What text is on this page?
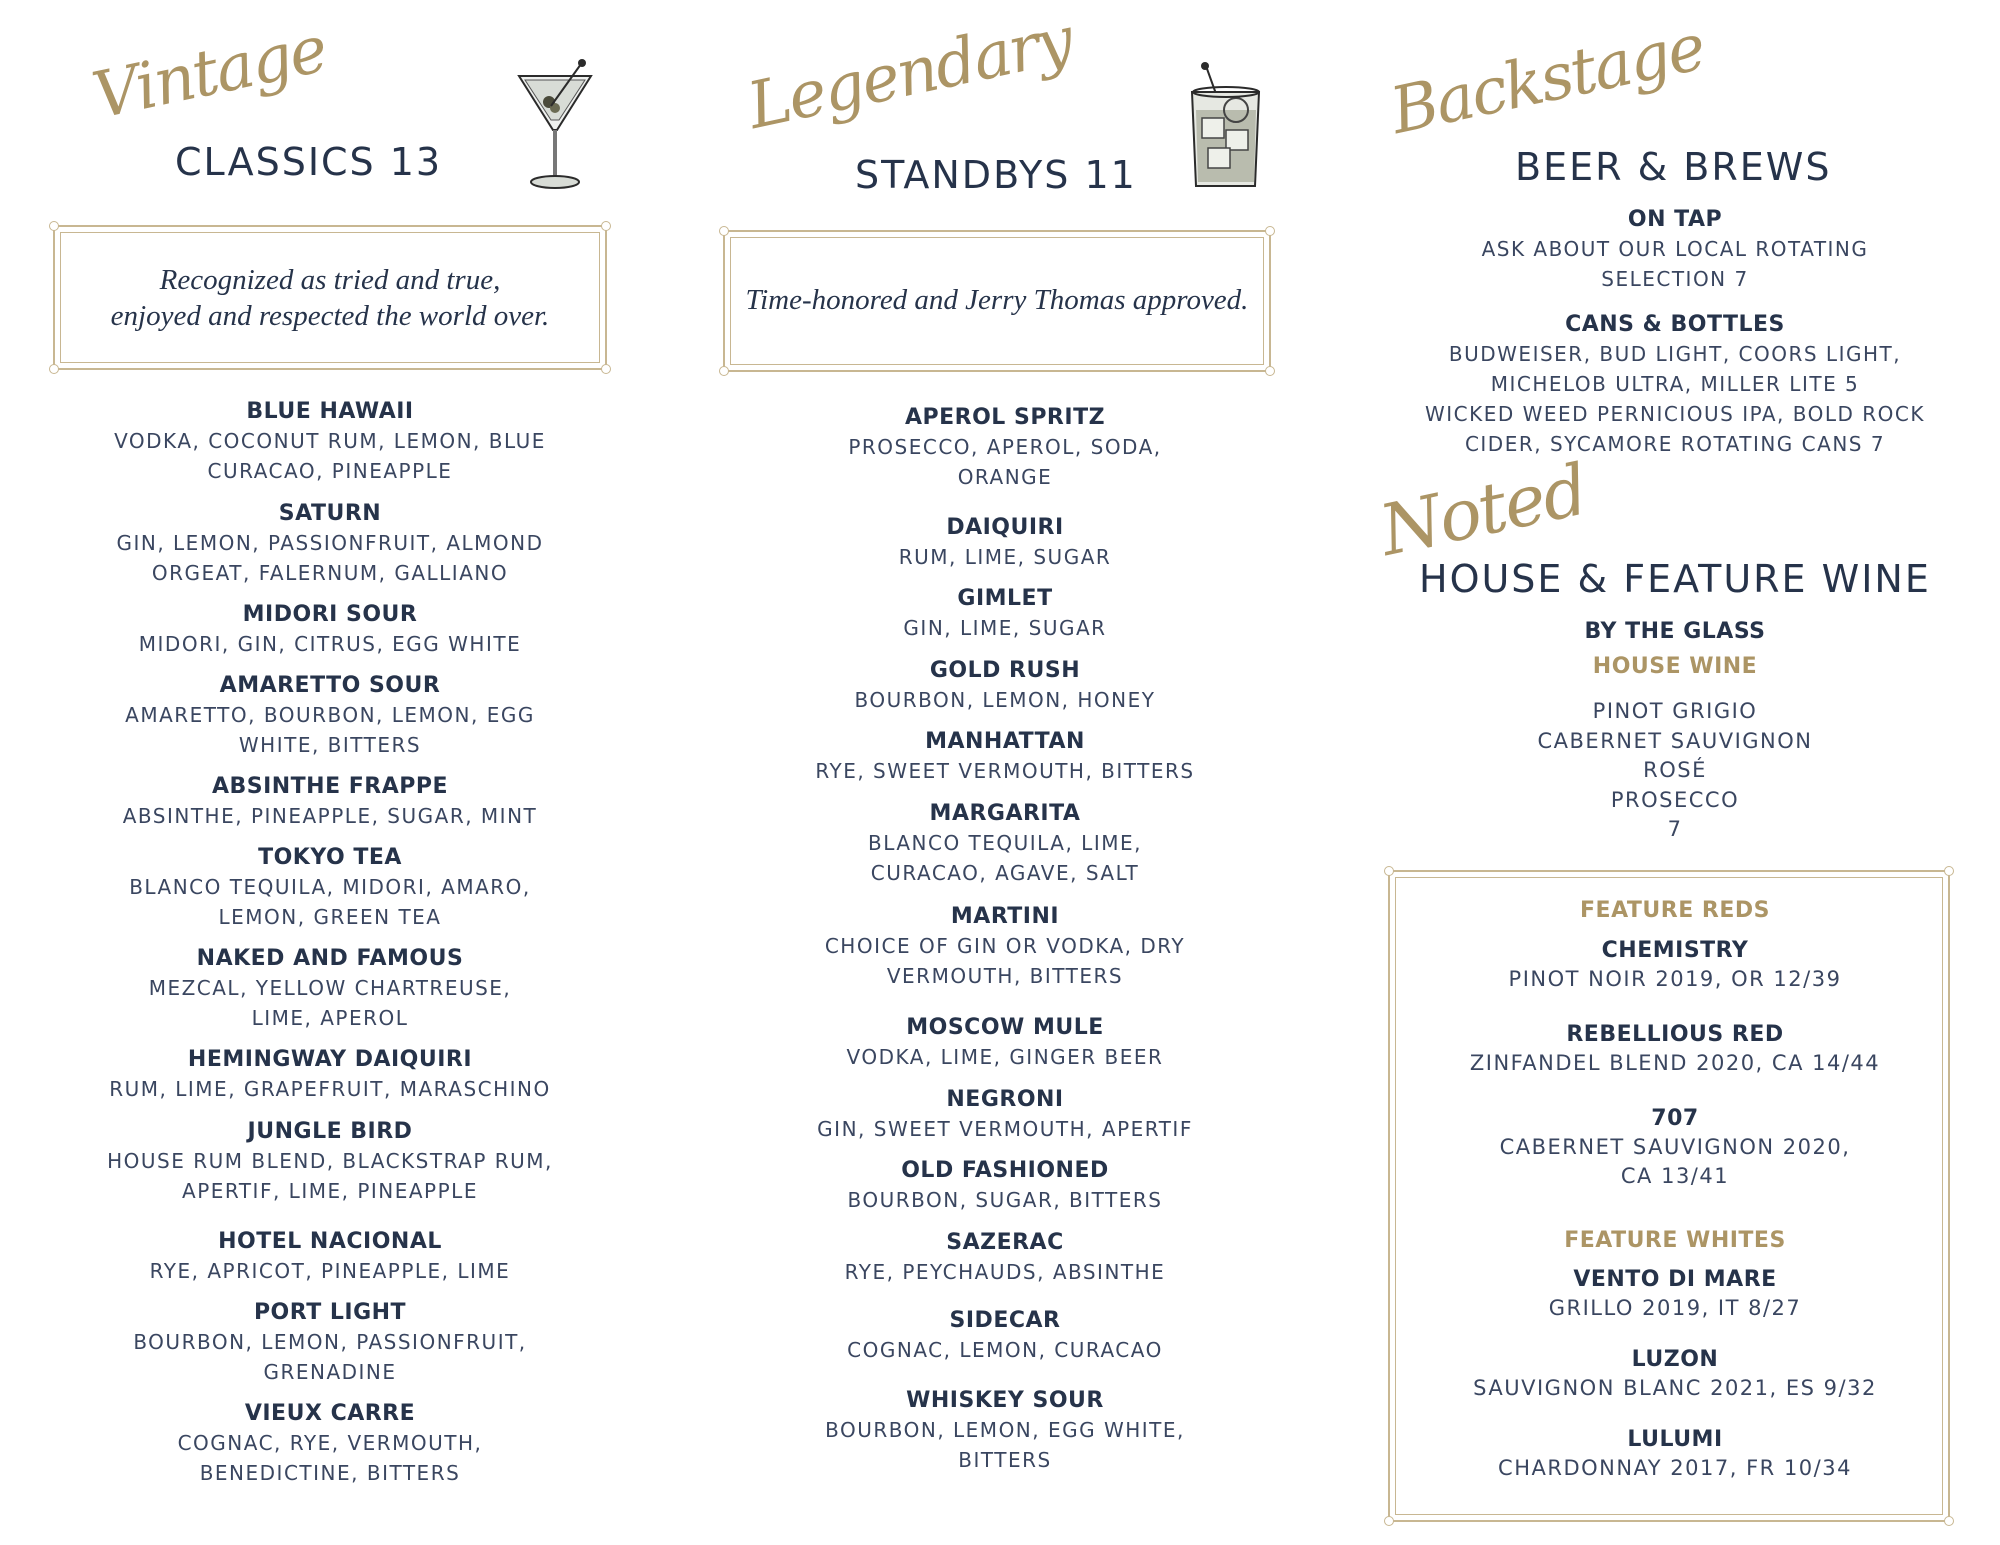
Vintage
CLASSICS 13
Recognized as tried and true,
enjoyed and respected the world over.
BLUE HAWAII
VODKA, COCONUT RUM, LEMON, BLUE
CURACAO, PINEAPPLE
SATURN
GIN, LEMON, PASSIONFRUIT, ALMOND
ORGEAT, FALERNUM, GALLIANO
MIDORI SOUR
MIDORI, GIN, CITRUS, EGG WHITE
AMARETTO SOUR
AMARETTO, BOURBON, LEMON, EGG
WHITE, BITTERS
ABSINTHE FRAPPE
ABSINTHE, PINEAPPLE, SUGAR, MINT
TOKYO TEA
BLANCO TEQUILA, MIDORI, AMARO,
LEMON, GREEN TEA
NAKED AND FAMOUS
MEZCAL, YELLOW CHARTREUSE,
LIME, APEROL
HEMINGWAY DAIQUIRI
RUM, LIME, GRAPEFRUIT, MARASCHINO
JUNGLE BIRD
HOUSE RUM BLEND, BLACKSTRAP RUM,
APERTIF, LIME, PINEAPPLE
HOTEL NACIONAL
RYE, APRICOT, PINEAPPLE, LIME
PORT LIGHT
BOURBON, LEMON, PASSIONFRUIT,
GRENADINE
VIEUX CARRE
COGNAC, RYE, VERMOUTH,
BENEDICTINE, BITTERS
Legendary
STANDBYS 11
Time-honored and Jerry Thomas approved.
APEROL SPRITZ
PROSECCO, APEROL, SODA,
ORANGE
DAIQUIRI
RUM, LIME, SUGAR
GIMLET
GIN, LIME, SUGAR
GOLD RUSH
BOURBON, LEMON, HONEY
MANHATTAN
RYE, SWEET VERMOUTH, BITTERS
MARGARITA
BLANCO TEQUILA, LIME,
CURACAO, AGAVE, SALT
MARTINI
CHOICE OF GIN OR VODKA, DRY
VERMOUTH, BITTERS
MOSCOW MULE
VODKA, LIME, GINGER BEER
NEGRONI
GIN, SWEET VERMOUTH, APERTIF
OLD FASHIONED
BOURBON, SUGAR, BITTERS
SAZERAC
RYE, PEYCHAUDS, ABSINTHE
SIDECAR
COGNAC, LEMON, CURACAO
WHISKEY SOUR
BOURBON, LEMON, EGG WHITE,
BITTERS
Backstage
BEER & BREWS
ON TAP
ASK ABOUT OUR LOCAL ROTATING
SELECTION 7
CANS & BOTTLES
BUDWEISER, BUD LIGHT, COORS LIGHT,
MICHELOB ULTRA, MILLER LITE 5
WICKED WEED PERNICIOUS IPA, BOLD ROCK
CIDER, SYCAMORE ROTATING CANS 7
Noted
HOUSE & FEATURE WINE
BY THE GLASS
HOUSE WINE
PINOT GRIGIO
CABERNET SAUVIGNON
ROSÉ
PROSECCO
7
FEATURE REDS
CHEMISTRY
PINOT NOIR 2019, OR 12/39
REBELLIOUS RED
ZINFANDEL BLEND 2020, CA 14/44
707
CABERNET SAUVIGNON 2020,
CA 13/41
FEATURE WHITES
VENTO DI MARE
GRILLO 2019, IT 8/27
LUZON
SAUVIGNON BLANC 2021, ES 9/32
LULUMI
CHARDONNAY 2017, FR 10/34
